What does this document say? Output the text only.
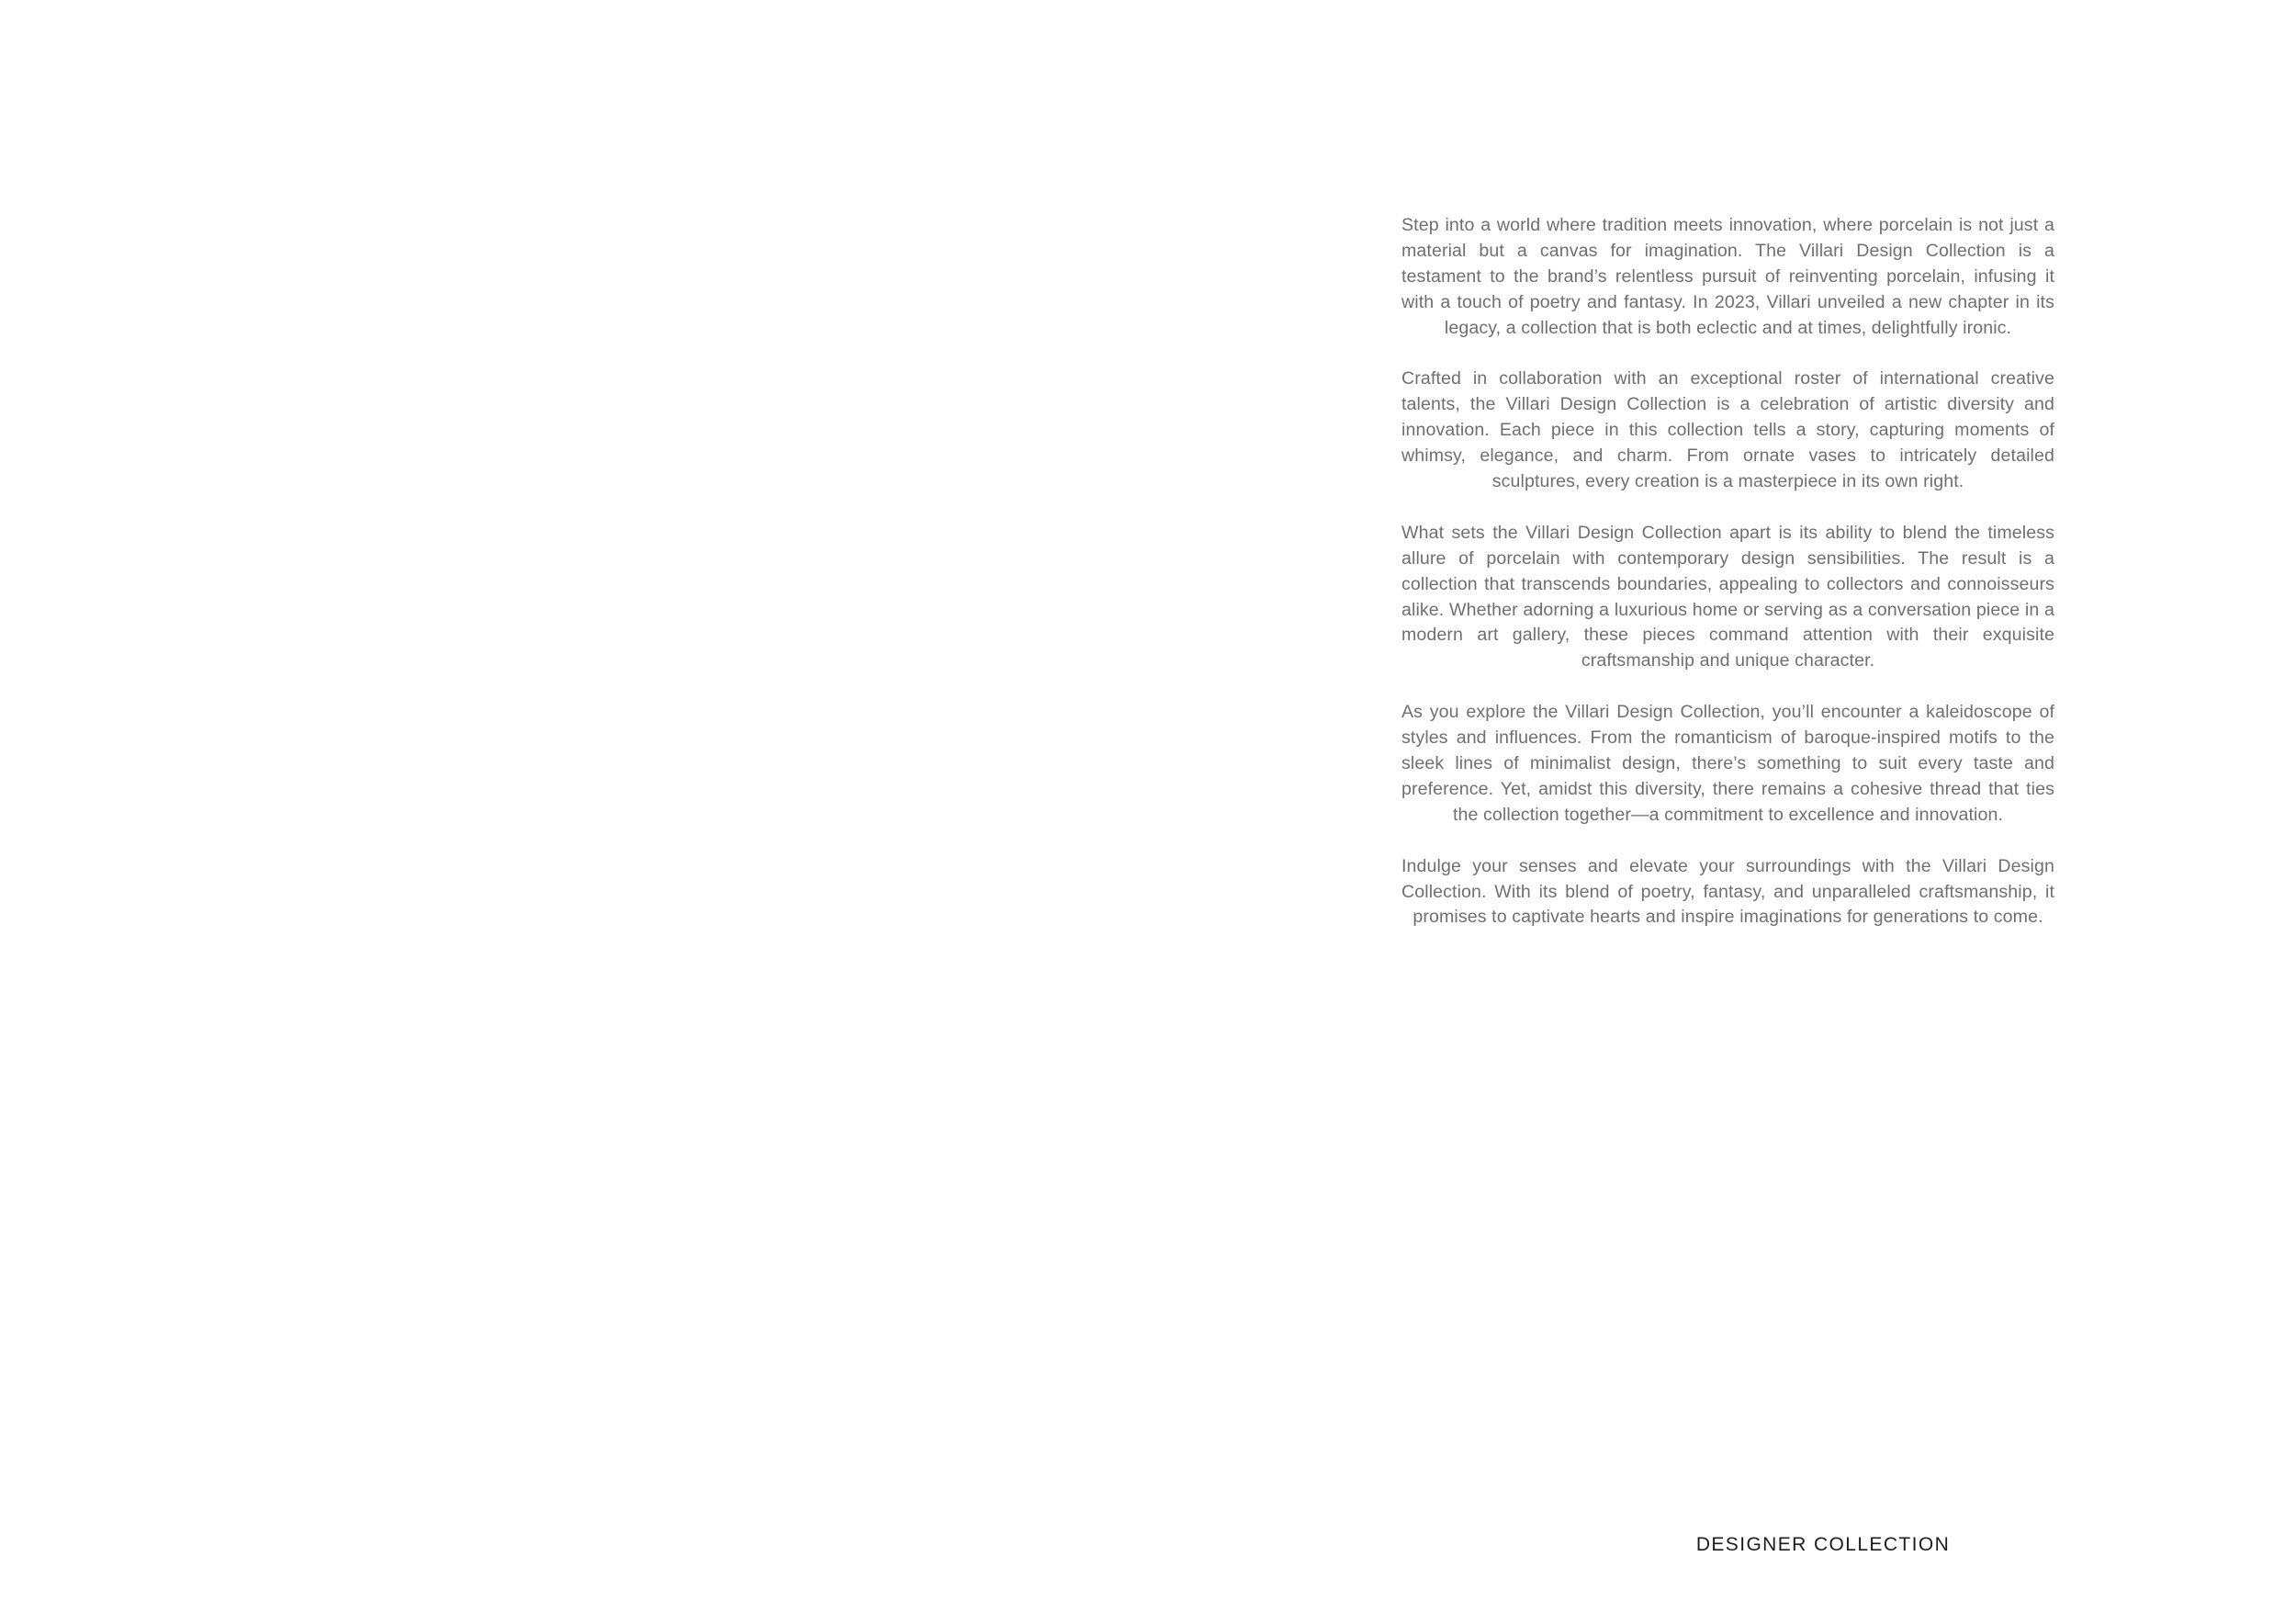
Step into a world where tradition meets innovation, where porcelain is not just a material but a canvas for imagination. The Villari Design Collection is a testament to the brand’s relentless pursuit of reinventing porcelain, infusing it with a touch of poetry and fantasy. In 2023, Villari unveiled a new chapter in its legacy, a collection that is both eclectic and at times, delightfully ironic.

Crafted in collaboration with an exceptional roster of international creative talents, the Villari Design Collection is a celebration of artistic diversity and innovation. Each piece in this collection tells a story, capturing moments of whimsy, elegance, and charm. From ornate vases to intricately detailed sculptures, every creation is a masterpiece in its own right.

What sets the Villari Design Collection apart is its ability to blend the timeless allure of porcelain with contemporary design sensibilities. The result is a collection that transcends boundaries, appealing to collectors and connoisseurs alike. Whether adorning a luxurious home or serving as a conversation piece in a modern art gallery, these pieces command attention with their exquisite craftsmanship and unique character.

As you explore the Villari Design Collection, you’ll encounter a kaleidoscope of styles and influences. From the romanticism of baroque-inspired motifs to the sleek lines of minimalist design, there’s something to suit every taste and preference. Yet, amidst this diversity, there remains a cohesive thread that ties the collection together—a commitment to excellence and innovation.

Indulge your senses and elevate your surroundings with the Villari Design Collection. With its blend of poetry, fantasy, and unparalleled craftsmanship, it promises to captivate hearts and inspire imaginations for generations to come.

DESIGNER COLLECTION
